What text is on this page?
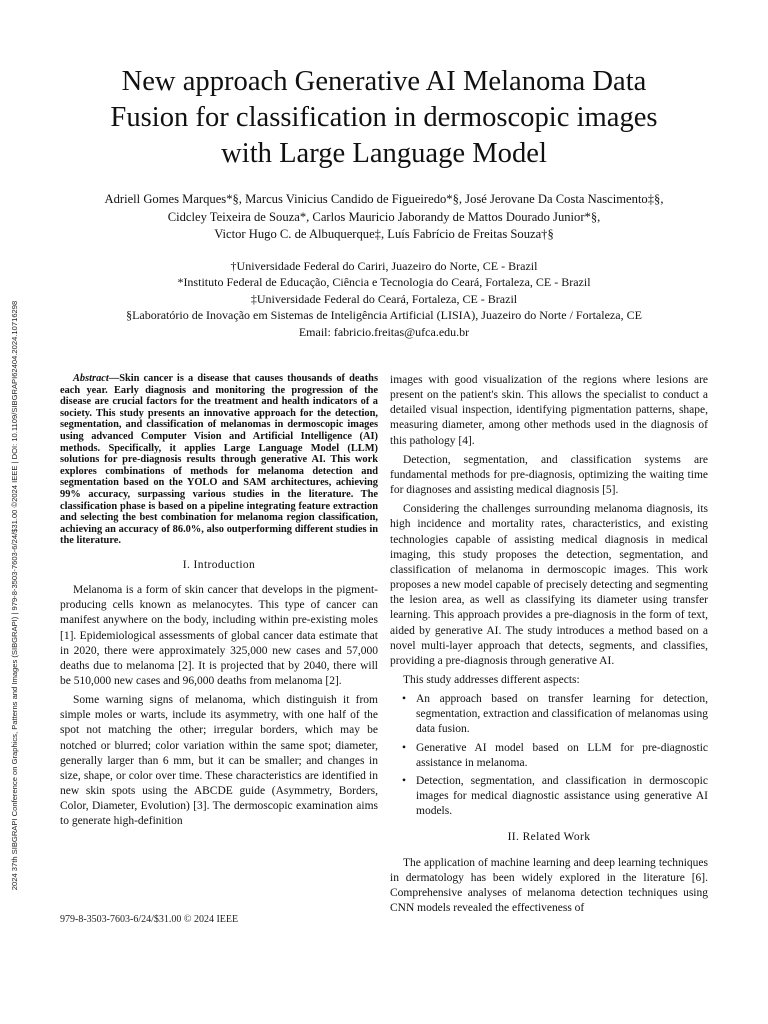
2024 37th SIBGRAPI Conference on Graphics, Patterns and Images (SIBGRAPI) | 979-8-3503-7603-6/24/$31.00 ©2024 IEEE | DOI: 10.1109/SIBGRAPI62404.2024.10716298
New approach Generative AI Melanoma Data
Fusion for classification in dermoscopic images
with Large Language Model
Adriell Gomes Marques*§, Marcus Vinicius Candido de Figueiredo*§, José Jerovane Da Costa Nascimento‡§,
Cidcley Teixeira de Souza*, Carlos Mauricio Jaborandy de Mattos Dourado Junior*§,
Victor Hugo C. de Albuquerque‡, Luís Fabrício de Freitas Souza†§
†Universidade Federal do Cariri, Juazeiro do Norte, CE - Brazil
*Instituto Federal de Educação, Ciência e Tecnologia do Ceará, Fortaleza, CE - Brazil
‡Universidade Federal do Ceará, Fortaleza, CE - Brazil
§Laboratório de Inovação em Sistemas de Inteligência Artificial (LISIA), Juazeiro do Norte / Fortaleza, CE
Email: fabricio.freitas@ufca.edu.br

Abstract—Skin cancer is a disease that causes thousands of deaths each year. Early diagnosis and monitoring the progression of the disease are crucial factors for the treatment and health indicators of a society. This study presents an innovative approach for the detection, segmentation, and classification of melanomas in dermoscopic images using advanced Computer Vision and Artificial Intelligence (AI) methods. Specifically, it applies Large Language Model (LLM) solutions for pre-diagnosis results through generative AI. This work explores combinations of methods for melanoma detection and segmentation based on the YOLO and SAM architectures, achieving 99% accuracy, surpassing various studies in the literature. The classification phase is based on a pipeline integrating feature extraction and selecting the best combination for melanoma region classification, achieving an accuracy of 86.0%, also outperforming different studies in the literature.

I. Introduction

Melanoma is a form of skin cancer that develops in the pigment-producing cells known as melanocytes. This type of cancer can manifest anywhere on the body, including within pre-existing moles [1]. Epidemiological assessments of global cancer data estimate that in 2020, there were approximately 325,000 new cases and 57,000 deaths due to melanoma [2]. It is projected that by 2040, there will be 510,000 new cases and 96,000 deaths from melanoma [2].

Some warning signs of melanoma, which distinguish it from simple moles or warts, include its asymmetry, with one half of the spot not matching the other; irregular borders, which may be notched or blurred; color variation within the same spot; diameter, generally larger than 6 mm, but it can be smaller; and changes in size, shape, or color over time. These characteristics are identified in new skin spots using the ABCDE guide (Asymmetry, Borders, Color, Diameter, Evolution) [3]. The dermoscopic examination aims to generate high-definition

979-8-3503-7603-6/24/$31.00 © 2024 IEEE

images with good visualization of the regions where lesions are present on the patient's skin. This allows the specialist to conduct a detailed visual inspection, identifying pigmentation patterns, shape, measuring diameter, among other methods used in the diagnosis of this pathology [4].

Detection, segmentation, and classification systems are fundamental methods for pre-diagnosis, optimizing the waiting time for diagnoses and assisting medical diagnosis [5].

Considering the challenges surrounding melanoma diagnosis, its high incidence and mortality rates, characteristics, and existing technologies capable of assisting medical diagnosis in medical imaging, this study proposes the detection, segmentation, and classification of melanoma in dermoscopic images. This work proposes a new model capable of precisely detecting and segmenting the lesion area, as well as classifying its diameter using transfer learning. This approach provides a pre-diagnosis in the form of text, aided by generative AI. The study introduces a method based on a novel multi-layer approach that detects, segments, and classifies, providing a pre-diagnosis through generative AI.

This study addresses different aspects:

• An approach based on transfer learning for detection, segmentation, extraction and classification of melanomas using data fusion.
• Generative AI model based on LLM for pre-diagnostic assistance in melanoma.
• Detection, segmentation, and classification in dermoscopic images for medical diagnostic assistance using generative AI models.
II. Related Work

The application of machine learning and deep learning techniques in dermatology has been widely explored in the literature [6]. Comprehensive analyses of melanoma detection techniques using CNN models revealed the effectiveness of
